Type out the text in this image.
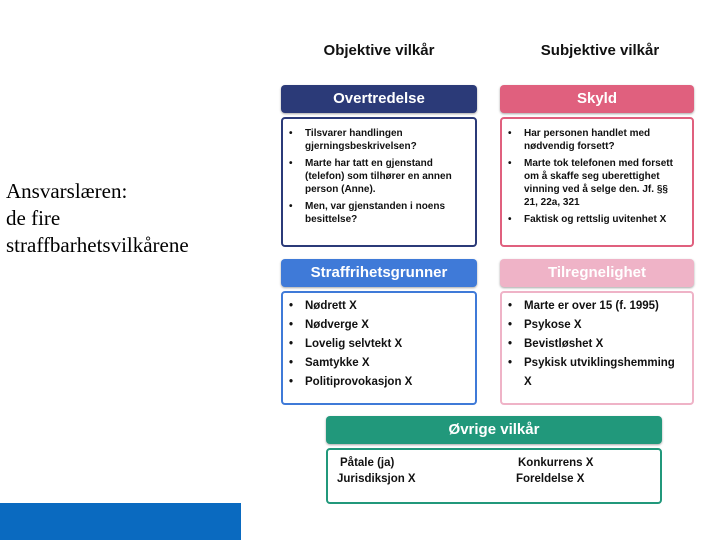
Ansvarslæren:
de fire
straffbarhetsvilkårene
Objektive vilkår	Subjektive vilkår
Overtredelse
• Tilsvarer handlingen gjerningsbeskrivelsen?
• Marte har tatt en gjenstand (telefon) som tilhører en annen person (Anne).
• Men, var gjenstanden i noens besittelse?
Skyld
• Har personen handlet med nødvendig forsett?
• Marte tok telefonen med forsett om å skaffe seg uberettighet vinning ved å selge den. Jf. §§ 21, 22a, 321
• Faktisk og rettslig uvitenhet X
Straffrihetsgrunner
• Nødrett X
• Nødverge X
• Lovelig selvtekt X
• Samtykke X
• Politiprovokasjon X
Tilregnelighet
• Marte er over 15 (f. 1995)
• Psykose X
• Bevistløshet X
• Psykisk utviklingshemming X
Øvrige vilkår
Påtale (ja)
Jurisdiksjon X
Konkurrens X
Foreldelse X
